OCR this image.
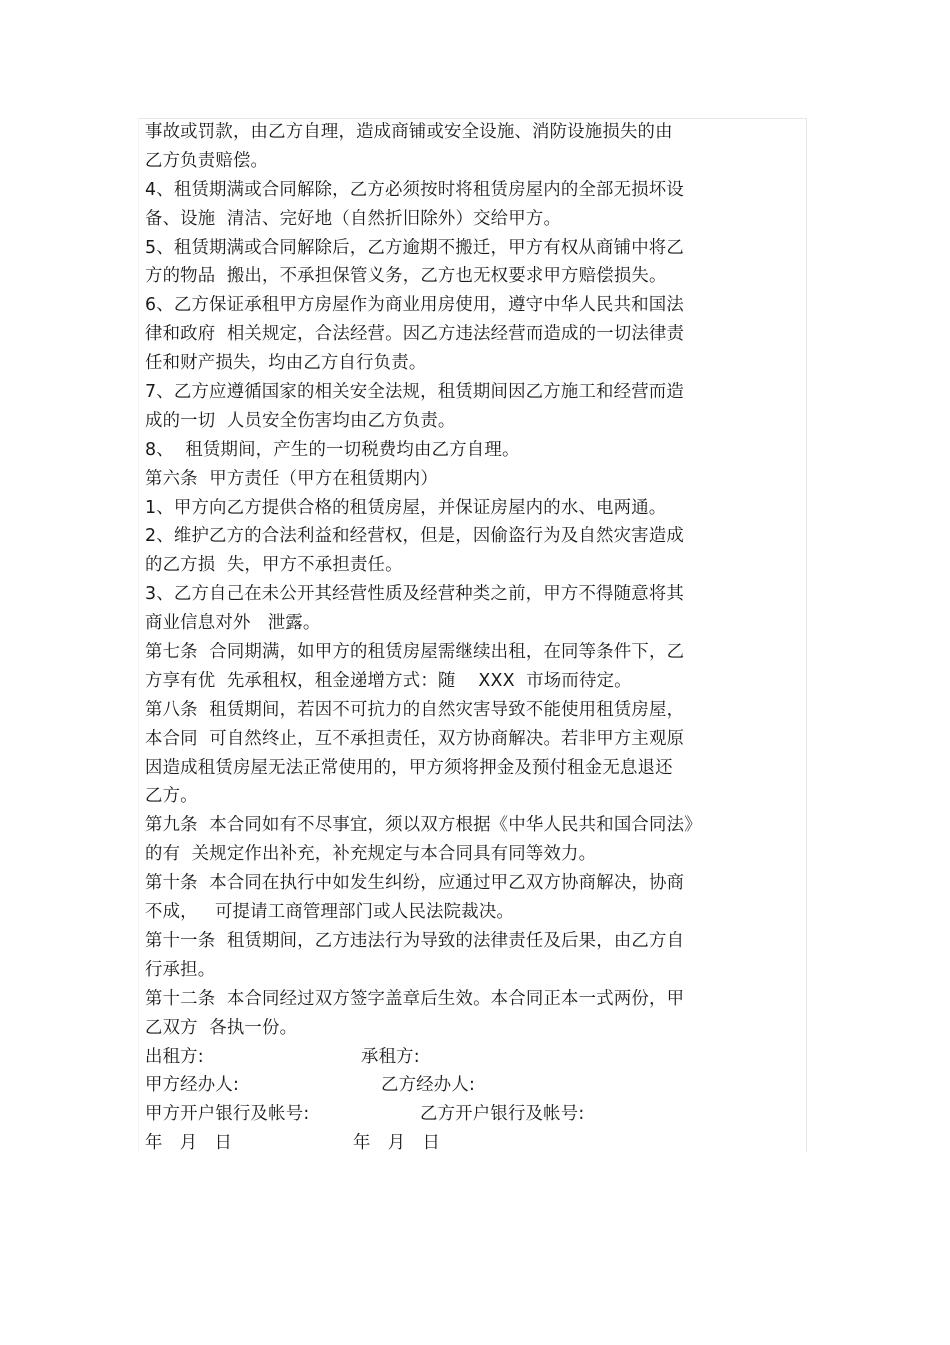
事故或罚款，由乙方自理，造成商铺或安全设施、消防设施损失的由
乙方负责赔偿。
4、租赁期满或合同解除，乙方必须按时将租赁房屋内的全部无损坏设
备、设施  清洁、完好地（自然折旧除外）交给甲方。
5、租赁期满或合同解除后，乙方逾期不搬迁，甲方有权从商铺中将乙
方的物品  搬出，不承担保管义务，乙方也无权要求甲方赔偿损失。
6、乙方保证承租甲方房屋作为商业用房使用，遵守中华人民共和国法
律和政府  相关规定，合法经营。因乙方违法经营而造成的一切法律责
任和财产损失，均由乙方自行负责。
7、乙方应遵循国家的相关安全法规，租赁期间因乙方施工和经营而造
成的一切  人员安全伤害均由乙方负责。
8、  租赁期间，产生的一切税费均由乙方自理。
第六条  甲方责任（甲方在租赁期内）
1、甲方向乙方提供合格的租赁房屋，并保证房屋内的水、电两通。
2、维护乙方的合法利益和经营权，但是，因偷盗行为及自然灾害造成
的乙方损  失，甲方不承担责任。
3、乙方自己在未公开其经营性质及经营种类之前，甲方不得随意将其
商业信息对外   泄露。
第七条  合同期满，如甲方的租赁房屋需继续出租，在同等条件下，乙
方享有优  先承租权，租金递增方式：随    XXX  市场而待定。
第八条  租赁期间，若因不可抗力的自然灾害导致不能使用租赁房屋，
本合同  可自然终止，互不承担责任，双方协商解决。若非甲方主观原
因造成租赁房屋无法正常使用的，甲方须将押金及预付租金无息退还
乙方。
第九条  本合同如有不尽事宜，须以双方根据《中华人民共和国合同法》
的有  关规定作出补充，补充规定与本合同具有同等效力。
第十条  本合同在执行中如发生纠纷，应通过甲乙双方协商解决，协商
不成，   可提请工商管理部门或人民法院裁决。
第十一条  租赁期间，乙方违法行为导致的法律责任及后果，由乙方自
行承担。
第十二条  本合同经过双方签字盖章后生效。本合同正本一式两份，甲
乙双方  各执一份。
出租方:	承租方:
甲方经办人:	乙方经办人:
甲方开户银行及帐号:	乙方开户银行及帐号:
年   月   日	年   月   日
